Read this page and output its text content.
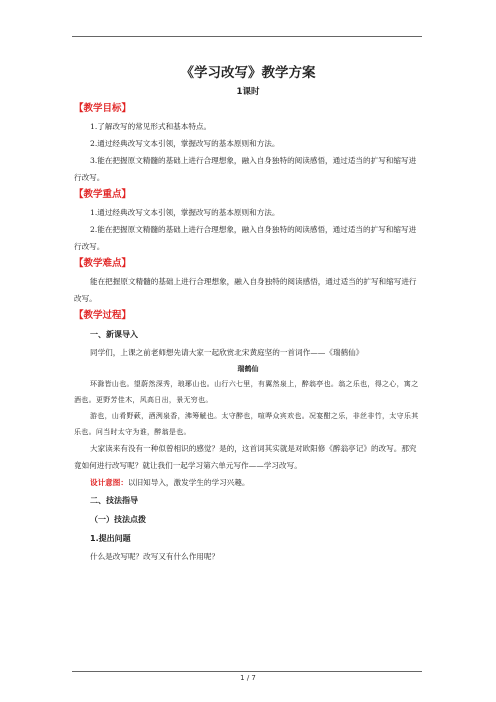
《学习改写》教学方案

1课时

【教学目标】

1.了解改写的常见形式和基本特点。

2.通过经典改写文本引领，掌握改写的基本原则和方法。

3.能在把握原文精髓的基础上进行合理想象，融入自身独特的阅读感悟，通过适当的扩写和缩写进行改写。

【教学重点】

1.通过经典改写文本引领，掌握改写的基本原则和方法。

2.能在把握原文精髓的基础上进行合理想象，融入自身独特的阅读感悟，通过适当的扩写和缩写进行改写。

【教学难点】

能在把握原文精髓的基础上进行合理想象，融入自身独特的阅读感悟，通过适当的扩写和缩写进行改写。

【教学过程】

一、新课导入

同学们，上课之前老师想先请大家一起欣赏北宋黄庭坚的一首词作——《瑞鹤仙》

瑞鹤仙

环滁皆山也。望蔚然深秀，琅琊山也。山行六七里，有翼然泉上，醉翁亭也。翁之乐也，得之心，寓之酒也。更野芳佳木，风高日出，景无穷也。

游也，山肴野蔌，酒洌泉香，沸筹觥也。太守醉也，喧哗众宾欢也。况宴酣之乐，非丝非竹，太守乐其乐也。问当时太守为谁，醉翁是也。

大家读来有没有一种似曾相识的感觉？是的，这首词其实就是对欧阳修《醉翁亭记》的改写。那究竟如何进行改写呢？就让我们一起学习第六单元写作——学习改写。

设计意图：以旧知导入，激发学生的学习兴趣。

二、技法指导

（一）技法点拨

1.提出问题

什么是改写呢？改写又有什么作用呢？

1 / 7
